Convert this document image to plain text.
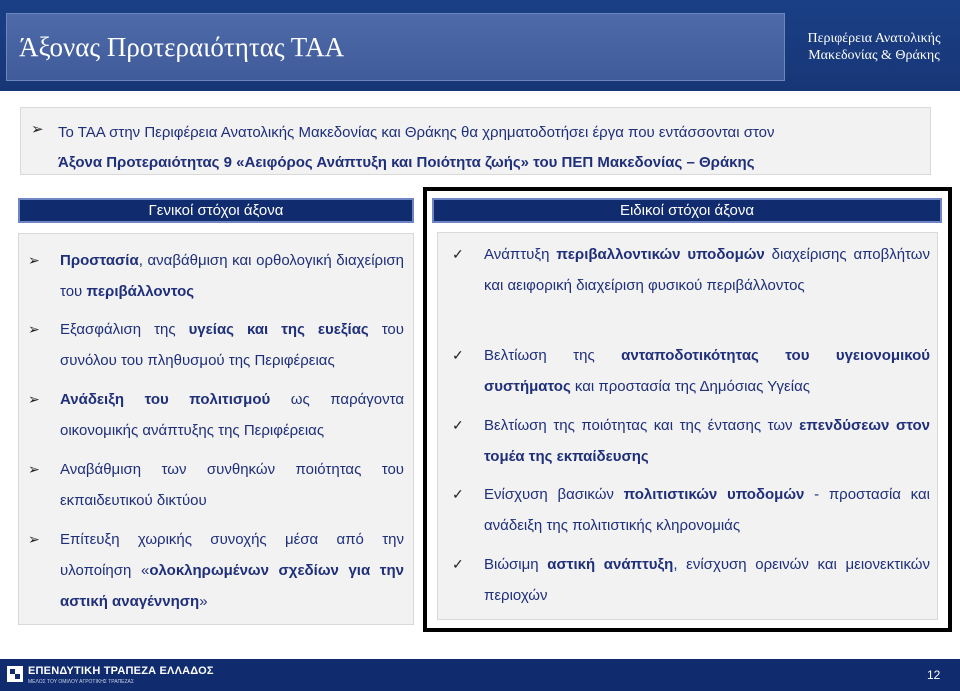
Άξονας Προτεραιότητας ΤΑΑ	Περιφέρεια Ανατολικής
Μακεδονίας & Θράκης
➢ Το ΤΑΑ στην Περιφέρεια Ανατολικής Μακεδονίας και Θράκης θα χρηματοδοτήσει έργα που εντάσσονται στον
Άξονα Προτεραιότητας 9 «Αειφόρος Ανάπτυξη και Ποιότητα ζωής» του ΠΕΠ Μακεδονίας – Θράκης
Γενικοί στόχοι άξονα
➢	Προστασία, αναβάθμιση και ορθολογική διαχείριση του περιβάλλοντος
➢	Εξασφάλιση της υγείας και της ευεξίας του συνόλου του πληθυσμού της Περιφέρειας
➢	Ανάδειξη του πολιτισμού ως παράγοντα οικονομικής ανάπτυξης της Περιφέρειας
➢	Αναβάθμιση των συνθηκών ποιότητας του εκπαιδευτικού δικτύου
➢	Επίτευξη χωρικής συνοχής μέσα από την υλοποίηση «ολοκληρωμένων σχεδίων για την αστική αναγέννηση»
✓	Ανάπτυξη περιβαλλοντικών υποδομών διαχείρισης αποβλήτων και αειφορική διαχείριση φυσικού περιβάλλοντος
✓	Βελτίωση της ανταποδοτικότητας του υγειονομικού συστήματος και προστασία της Δημόσιας Υγείας
✓	Βελτίωση της ποιότητας και της έντασης των επενδύσεων στον τομέα της εκπαίδευσης
✓	Ενίσχυση βασικών πολιτιστικών υποδομών - προστασία και ανάδειξη της πολιτιστικής κληρονομιάς
✓	Βιώσιμη αστική ανάπτυξη, ενίσχυση ορεινών και μειονεκτικών περιοχών
Ειδικοί στόχοι άξονα
ΕΠΕΝΔΥΤΙΚΗ ΤΡΑΠΕΖΑ ΕΛΛΑΔΟΣ
ΜΕΛΟΣ ΤΟΥ ΟΜΙΛΟΥ ΑΓΡΟΤΙΚΗΣ ΤΡΑΠΕΖΑΣ	12
